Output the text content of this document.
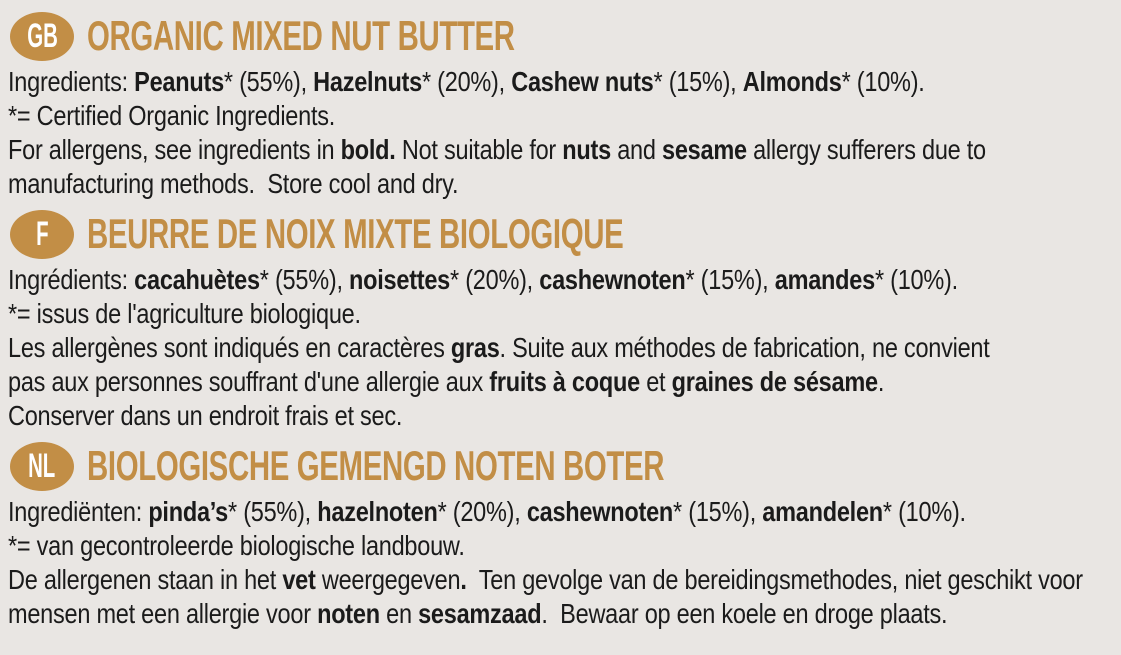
GB ORGANIC MIXED NUT BUTTER
Ingredients: Peanuts* (55%), Hazelnuts* (20%), Cashew nuts* (15%), Almonds* (10%).
*= Certified Organic Ingredients.
For allergens, see ingredients in bold. Not suitable for nuts and sesame allergy sufferers due to
manufacturing methods.  Store cool and dry.
F BEURRE DE NOIX MIXTE BIOLOGIQUE
Ingrédients: cacahuètes* (55%), noisettes* (20%), cashewnoten* (15%), amandes* (10%).
*= issus de l'agriculture biologique.
Les allergènes sont indiqués en caractères gras. Suite aux méthodes de fabrication, ne convient
pas aux personnes souffrant d'une allergie aux fruits à coque et graines de sésame.
Conserver dans un endroit frais et sec.
NL BIOLOGISCHE GEMENGD NOTEN BOTER
Ingrediënten: pinda’s* (55%), hazelnoten* (20%), cashewnoten* (15%), amandelen* (10%).
*= van gecontroleerde biologische landbouw.
De allergenen staan in het vet weergegeven.  Ten gevolge van de bereidingsmethodes, niet geschikt voor
mensen met een allergie voor noten en sesamzaad.  Bewaar op een koele en droge plaats.
